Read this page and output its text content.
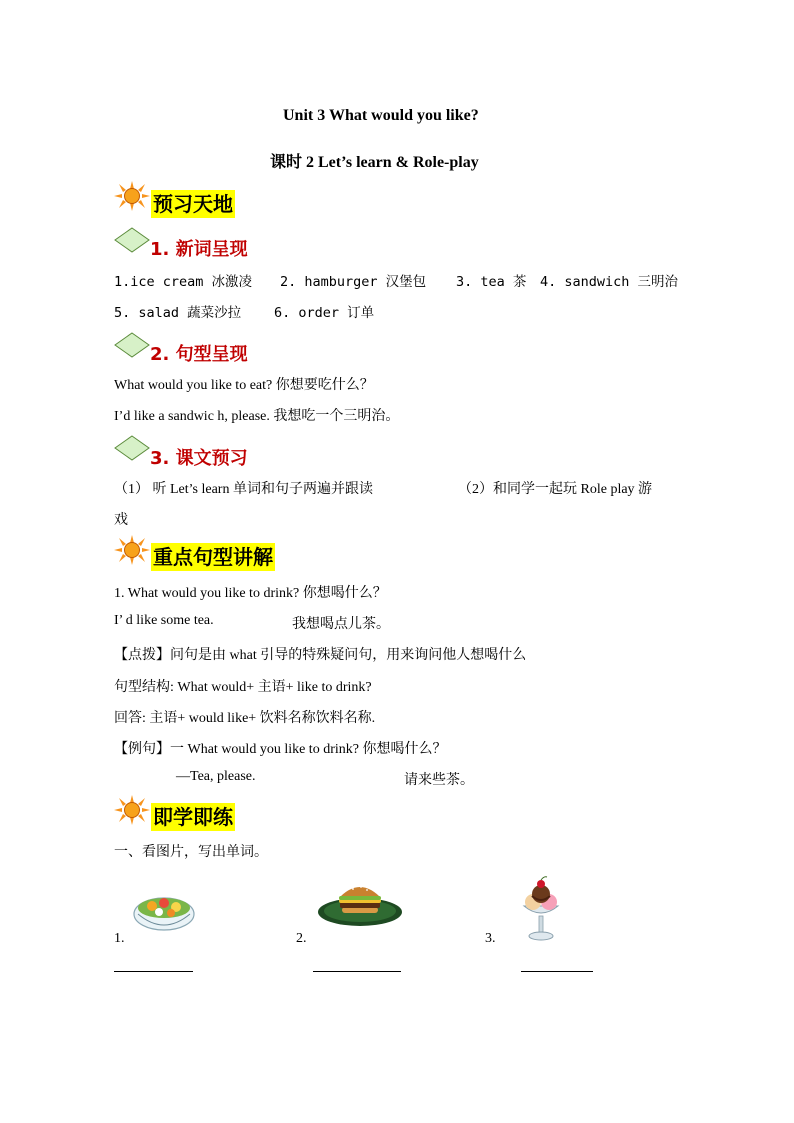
Unit 3 What would you like?
课时 2 Let’s learn & Role-play
预习天地
1. 新词呈现
1.ice cream 冰激凌 2. hamburger 汉堡包 3. tea 茶 4. sandwich 三明治
5. salad 蔬菜沙拉 6. order 订单
2. 句型呈现
What would you like to eat? 你想要吃什么？
I’d like a sandwic h, please. 我想吃一个三明治。
3. 课文预习
（1） 听 Let’s learn 单词和句子两遍并跟读	（2）和同学一起玩 Role play 游
戏
重点句型讲解
1. What would you like to drink? 你想喝什么？
I’ d like some tea.	我想喝点儿茶。
【点拨】问句是由 what 引导的特殊疑问句，用来询问他人想喝什么
句型结构: What would+ 主语+ like to drink?
回答: 主语+ would like+ 饮料名称饮料名称.
【例句】一 What would you like to drink? 你想喝什么？
—Tea, please.	请来些茶。
即学即练
一、看图片，写出单词。
1.	2.	3.
